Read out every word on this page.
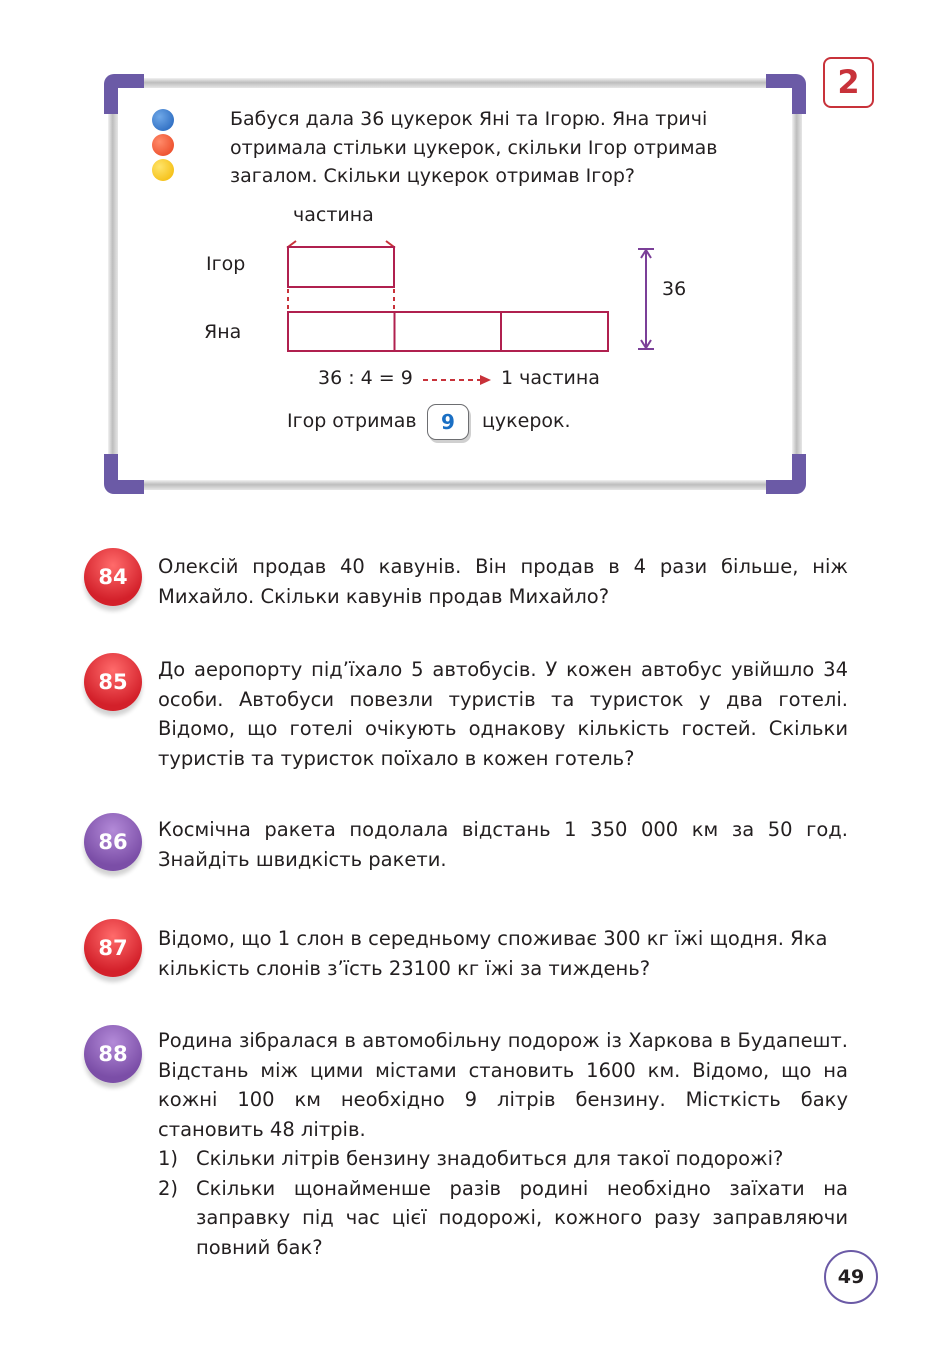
2
Бабуся дала 36 цукерок Яні та Ігорю. Яна тричі отримала стільки цукерок, скільки Ігор отримав загалом. Скільки цукерок отримав Ігор?
частина
Ігор
Яна
36
36 : 4 = 9	1 частина
Ігор отримав	9	цукерок.
84	Олексій продав 40 кавунів. Він продав в 4 рази більше, ніж Михайло. Скільки кавунів продав Михайло?
85
До аеропорту під’їхало 5 автобусів. У кожен автобус увійшло 34 особи. Автобуси повезли туристів та туристок у два готелі. Відомо, що готелі очікують однакову кількість гостей. Скільки туристів та туристок поїхало в кожен готель?
86
Космічна ракета подолала відстань 1 350 000 км за 50 год. Знайдіть швидкість ракети.
87	Відомо, що 1 слон в середньому споживає 300 кг їжі щодня. Яка кількість слонів з’їсть 23100 кг їжі за тиждень?
88
Родина зібралася в автомобільну подорож із Харкова в Будапешт. Відстань між цими містами становить 1600 км. Відомо, що на кожні 100 км необхідно 9 літрів бензину. Місткість баку становить 48 літрів.
1) Скільки літрів бензину знадобиться для такої подорожі?
2) Скільки щонайменше разів родині необхідно заїхати на заправку під час цієї подорожі, кожного разу заправляючи повний бак?
49
